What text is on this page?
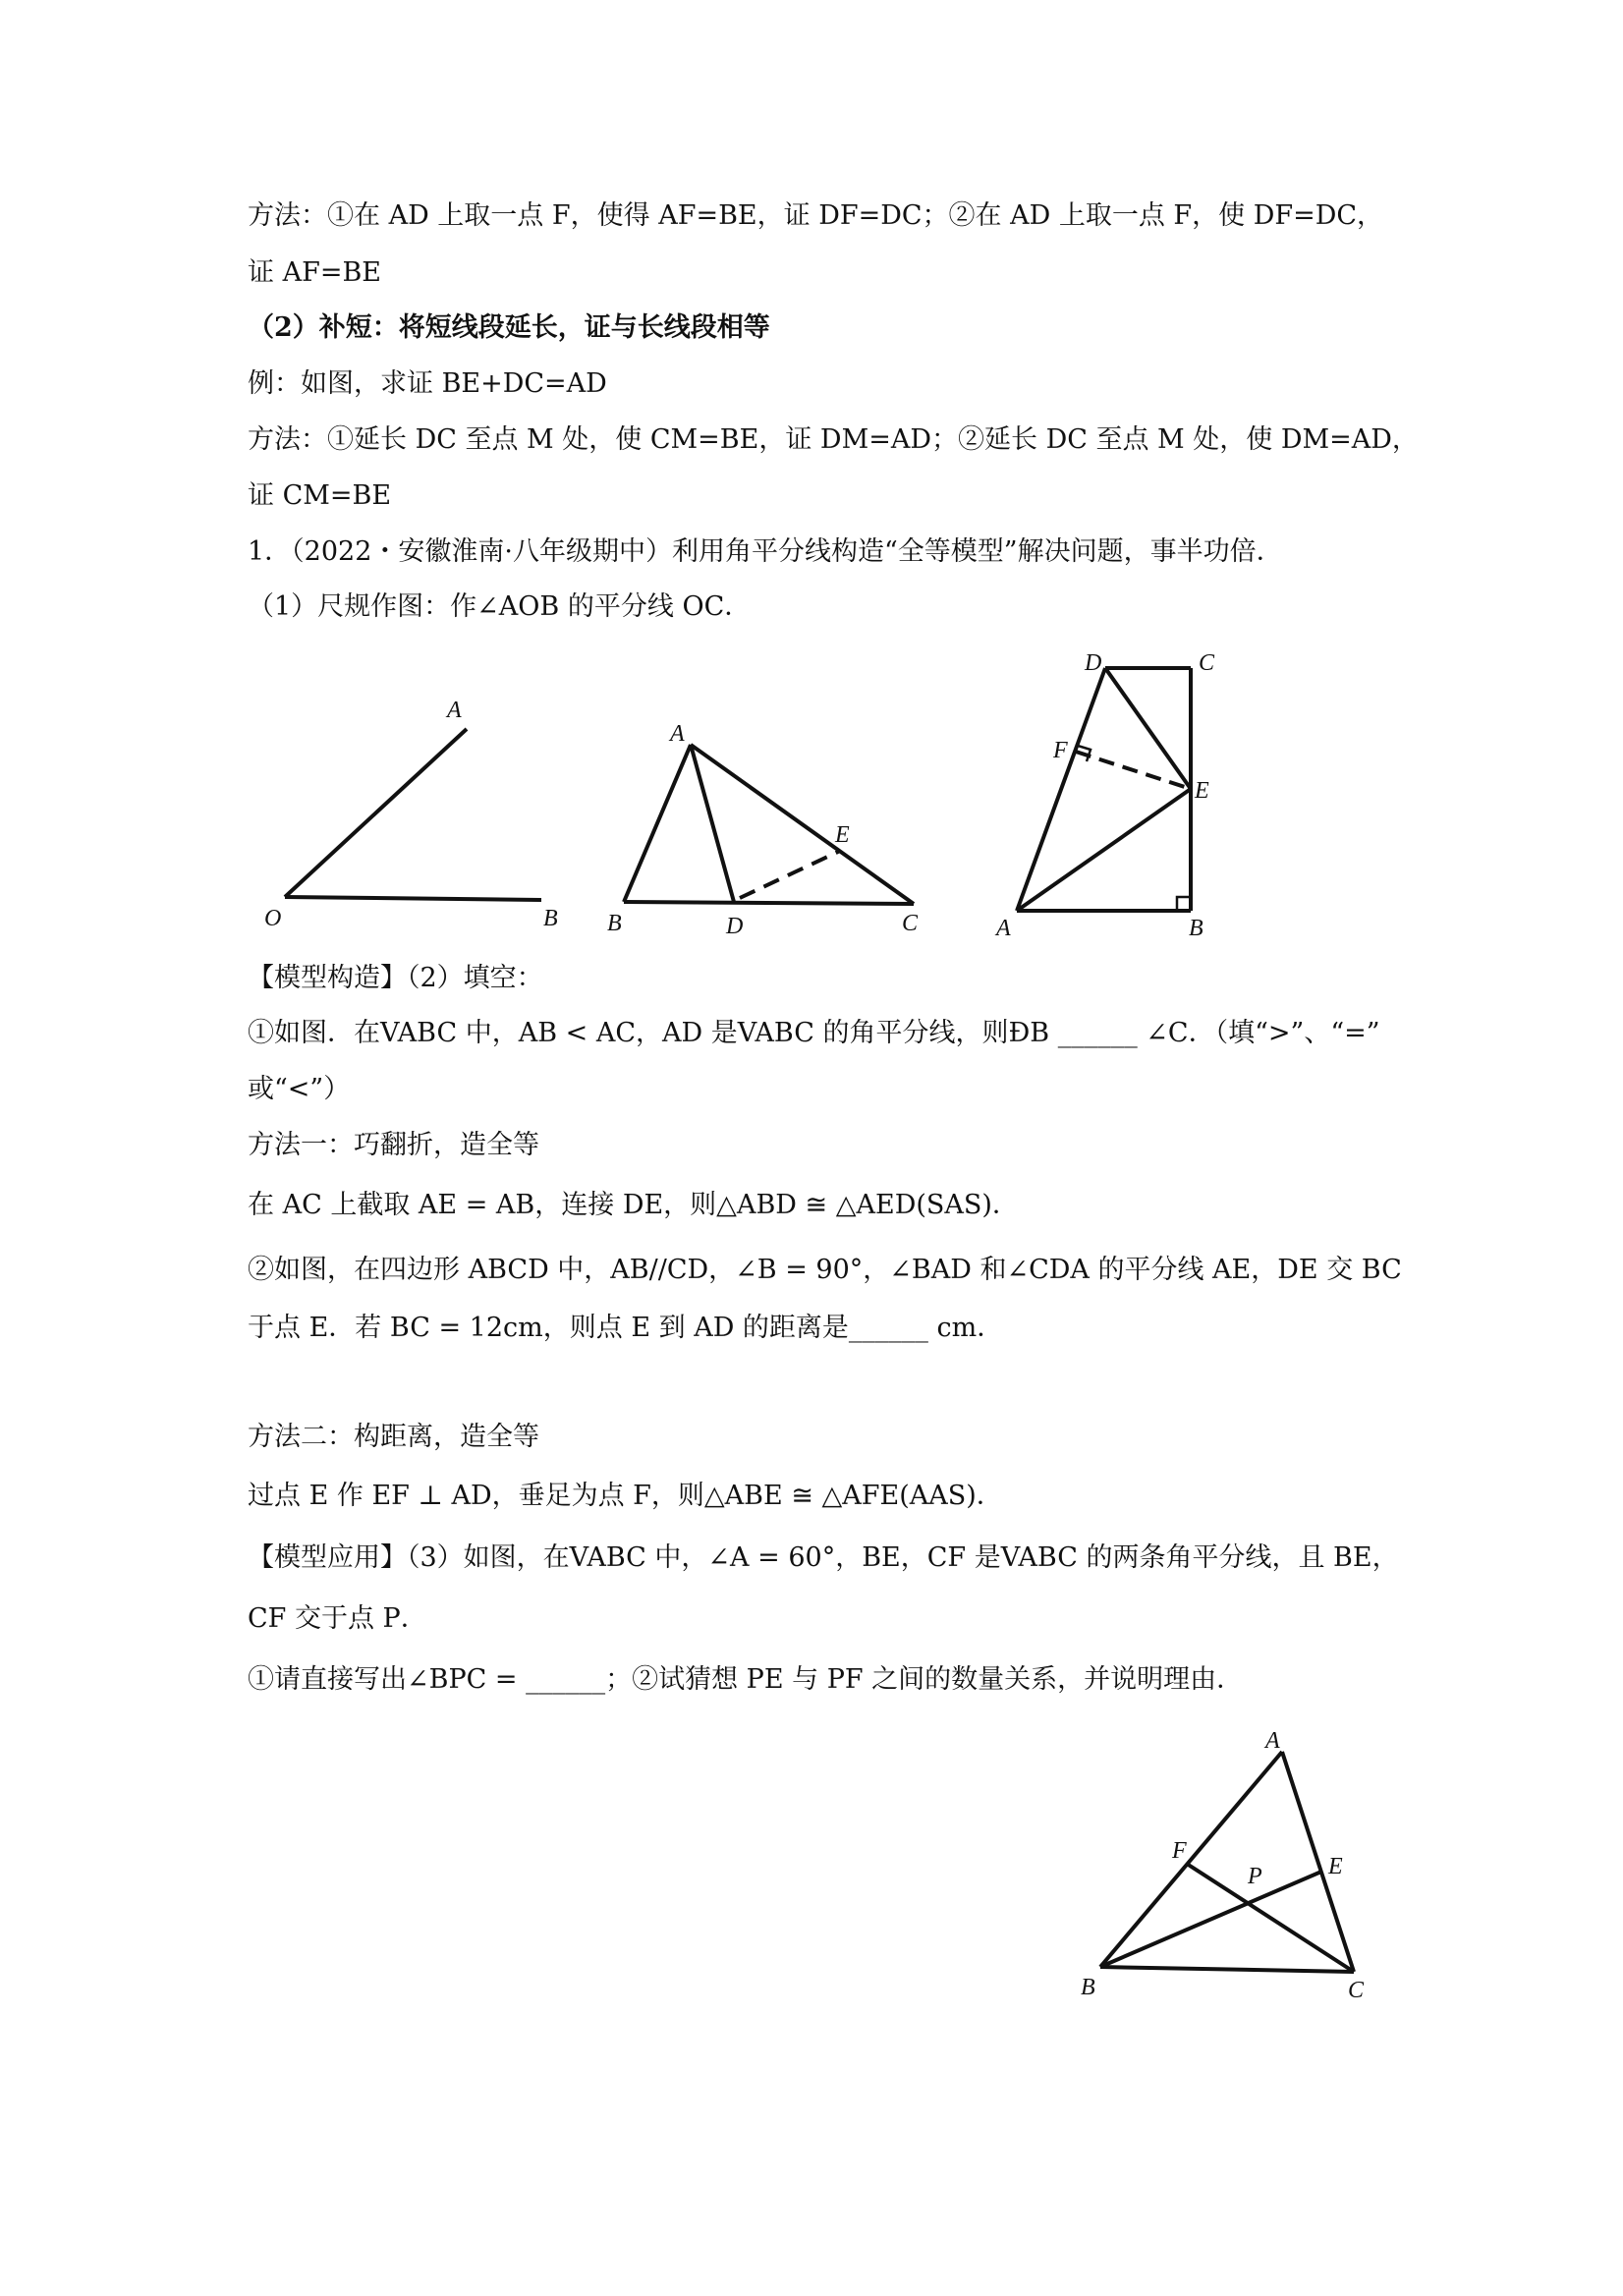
方法：①在 AD 上取一点 F，使得 AF=BE，证 DF=DC；②在 AD 上取一点 F，使 DF=DC，
证 AF=BE
（2）补短：将短线段延长，证与长线段相等
例：如图，求证 BE+DC=AD
方法：①延长 DC 至点 M 处，使 CM=BE，证 DM=AD；②延长 DC 至点 M 处，使 DM=AD，
证 CM=BE
1．（2022・安徽淮南·八年级期中）利用角平分线构造“全等模型”解决问题，事半功倍．
（1）尺规作图：作∠AOB 的平分线 OC．
A
O	B
A
E
B	D	C
D	C
F
E
A	B
【模型构造】（2）填空：
①如图．在VABC 中，AB < AC，AD 是VABC 的角平分线，则ÐB ______ ∠C．（填“>”、“=”
或“<”）
方法一：巧翻折，造全等
在 AC 上截取 AE = AB，连接 DE，则△ABD ≅ △AED(SAS)．
②如图，在四边形 ABCD 中，AB//CD，∠B = 90°，∠BAD 和∠CDA 的平分线 AE，DE 交 BC
于点 E．若 BC = 12cm，则点 E 到 AD 的距离是______ cm．
方法二：构距离，造全等
过点 E 作 EF ⊥ AD，垂足为点 F，则△ABE ≅ △AFE(AAS)．
【模型应用】（3）如图，在VABC 中，∠A = 60°，BE，CF 是VABC 的两条角平分线，且 BE，
CF 交于点 P．
①请直接写出∠BPC = ______；②试猜想 PE 与 PF 之间的数量关系，并说明理由．
A
F
P	E
B	C
